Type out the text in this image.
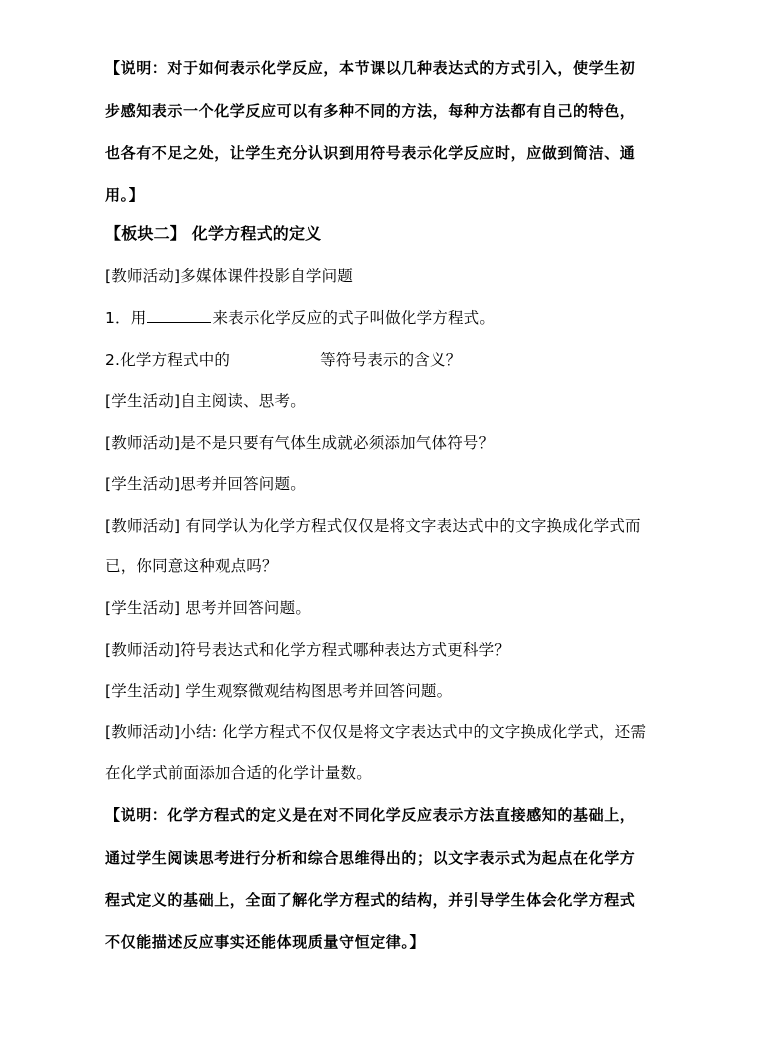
【说明：对于如何表示化学反应，本节课以几种表达式的方式引入，使学生初
步感知表示一个化学反应可以有多种不同的方法，每种方法都有自己的特色，
也各有不足之处，让学生充分认识到用符号表示化学反应时，应做到简洁、通
用。】
【板块二】 化学方程式的定义
[教师活动]多媒体课件投影自学问题
1．用	来表示化学反应的式子叫做化学方程式。
2.化学方程式中的	等符号表示的含义？
[学生活动]自主阅读、思考。
[教师活动]是不是只要有气体生成就必须添加气体符号？
[学生活动]思考并回答问题。
[教师活动] 有同学认为化学方程式仅仅是将文字表达式中的文字换成化学式而
已，你同意这种观点吗？
[学生活动] 思考并回答问题。
[教师活动]符号表达式和化学方程式哪种表达方式更科学？
[学生活动] 学生观察微观结构图思考并回答问题。
[教师活动]小结: 化学方程式不仅仅是将文字表达式中的文字换成化学式，还需
在化学式前面添加合适的化学计量数。
【说明：化学方程式的定义是在对不同化学反应表示方法直接感知的基础上，
通过学生阅读思考进行分析和综合思维得出的；以文字表示式为起点在化学方
程式定义的基础上，全面了解化学方程式的结构，并引导学生体会化学方程式
不仅能描述反应事实还能体现质量守恒定律。】
